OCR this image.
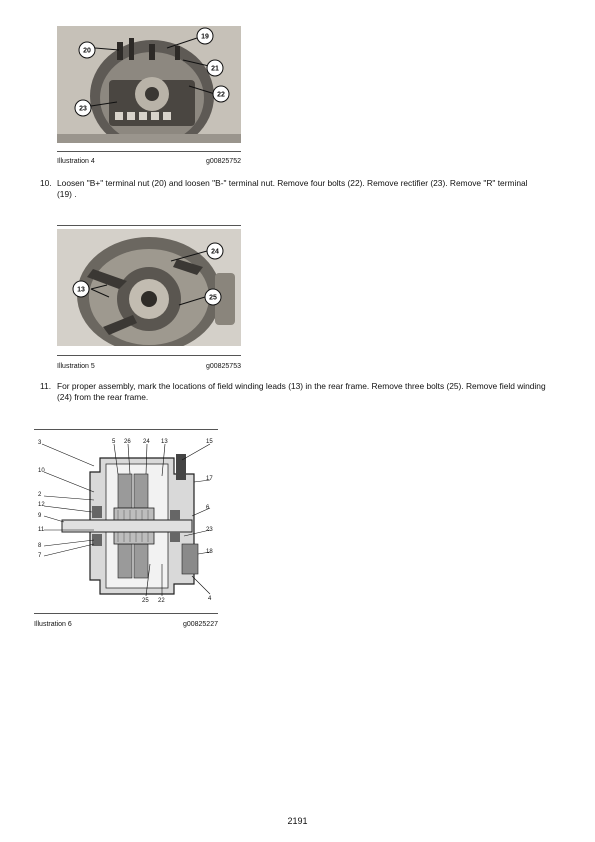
20
19
21
22
23
Illustration 4	g00825752
10. Loosen "B+" terminal nut (20) and loosen "B-" terminal nut. Remove four bolts (22). Remove rectifier (23). Remove "R" terminal (19) .
24
13
25
Illustration 5	g00825753
11. For proper assembly, mark the locations of field winding leads (13) in the rear frame. Remove three bolts (25). Remove field winding (24) from the rear frame.
3	5 26 24 13	15
10
17
2
12
9
6
11	23
8
7
18
25 22	4
Illustration 6	g00825227
2191
